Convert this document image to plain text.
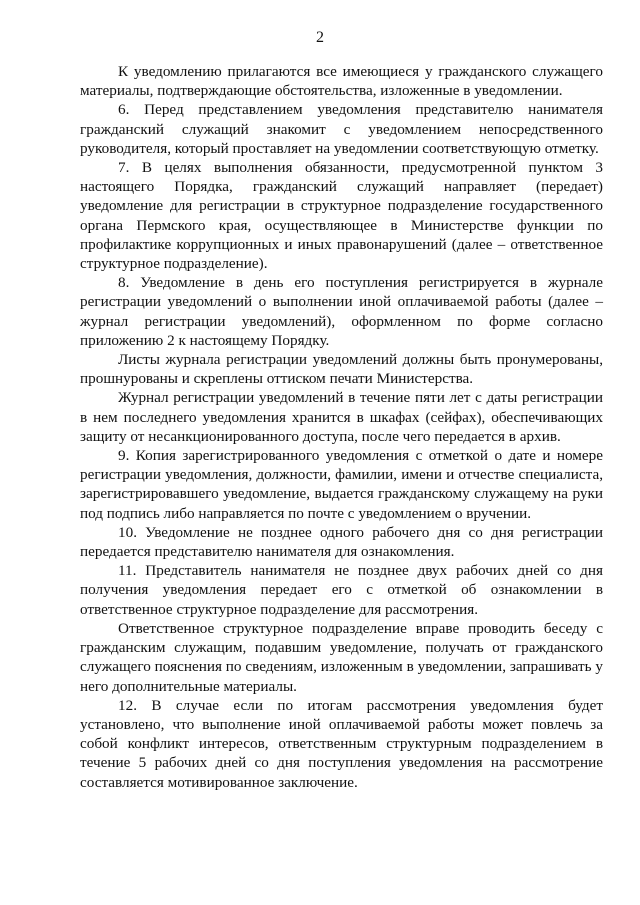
2

К уведомлению прилагаются все имеющиеся у гражданского служащего материалы, подтверждающие обстоятельства, изложенные в уведомлении.

6. Перед представлением уведомления представителю нанимателя гражданский служащий знакомит с уведомлением непосредственного руководителя, который проставляет на уведомлении соответствующую отметку.

7. В целях выполнения обязанности, предусмотренной пунктом 3 настоящего Порядка, гражданский служащий направляет (передает) уведомление для регистрации в структурное подразделение государственного органа Пермского края, осуществляющее в Министерстве функции по профилактике коррупционных и иных правонарушений (далее – ответственное структурное подразделение).

8. Уведомление в день его поступления регистрируется в журнале регистрации уведомлений о выполнении иной оплачиваемой работы (далее – журнал регистрации уведомлений), оформленном по форме согласно приложению 2 к настоящему Порядку.

Листы журнала регистрации уведомлений должны быть пронумерованы, прошнурованы и скреплены оттиском печати Министерства.

Журнал регистрации уведомлений в течение пяти лет с даты регистрации в нем последнего уведомления хранится в шкафах (сейфах), обеспечивающих защиту от несанкционированного доступа, после чего передается в архив.

9. Копия зарегистрированного уведомления с отметкой о дате и номере регистрации уведомления, должности, фамилии, имени и отчестве специалиста, зарегистрировавшего уведомление, выдается гражданскому служащему на руки под подпись либо направляется по почте с уведомлением о вручении.

10. Уведомление не позднее одного рабочего дня со дня регистрации передается представителю нанимателя для ознакомления.

11. Представитель нанимателя не позднее двух рабочих дней со дня получения уведомления передает его с отметкой об ознакомлении в ответственное структурное подразделение для рассмотрения.

Ответственное структурное подразделение вправе проводить беседу с гражданским служащим, подавшим уведомление, получать от гражданского служащего пояснения по сведениям, изложенным в уведомлении, запрашивать у него дополнительные материалы.

12. В случае если по итогам рассмотрения уведомления будет установлено, что выполнение иной оплачиваемой работы может повлечь за собой конфликт интересов, ответственным структурным подразделением в течение 5 рабочих дней со дня поступления уведомления на рассмотрение составляется мотивированное заключение.
